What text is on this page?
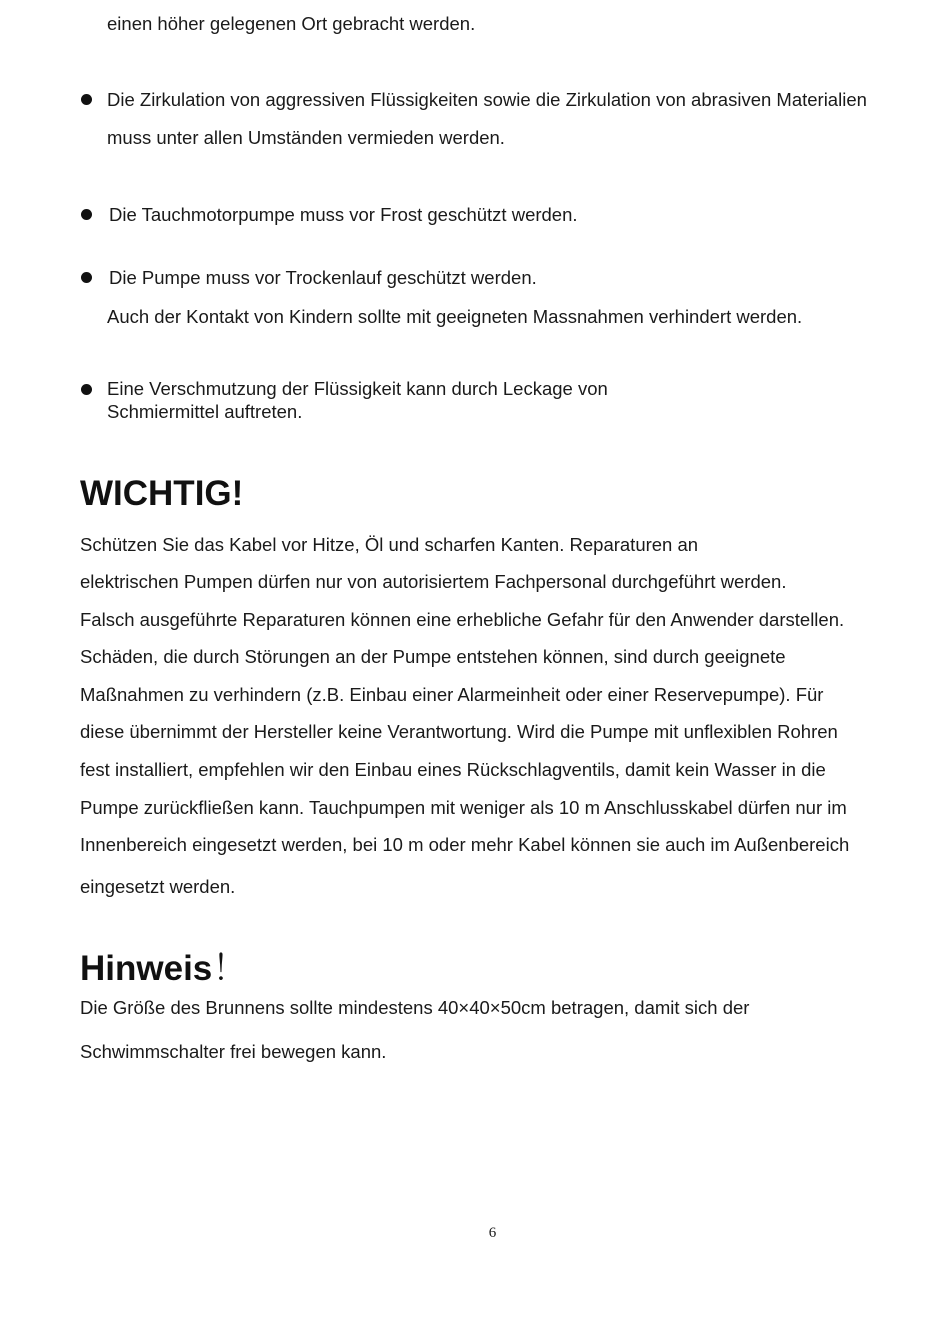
einen höher gelegenen Ort gebracht werden.
Die Zirkulation von aggressiven Flüssigkeiten sowie die Zirkulation von abrasiven Materialien
muss unter allen Umständen vermieden werden.
Die Tauchmotorpumpe muss vor Frost geschützt werden.
Die Pumpe muss vor Trockenlauf geschützt werden.
Auch der Kontakt von Kindern sollte mit geeigneten Massnahmen verhindert werden.
Eine Verschmutzung der Flüssigkeit kann durch Leckage von
Schmiermittel auftreten.
WICHTIG!
Schützen Sie das Kabel vor Hitze, Öl und scharfen Kanten. Reparaturen an
elektrischen Pumpen dürfen nur von autorisiertem Fachpersonal durchgeführt werden.
Falsch ausgeführte Reparaturen können eine erhebliche Gefahr für den Anwender darstellen.
Schäden, die durch Störungen an der Pumpe entstehen können, sind durch geeignete
Maßnahmen zu verhindern (z.B. Einbau einer Alarmeinheit oder einer Reservepumpe). Für
diese übernimmt der Hersteller keine Verantwortung. Wird die Pumpe mit unflexiblen Rohren
fest installiert, empfehlen wir den Einbau eines Rückschlagventils, damit kein Wasser in die
Pumpe zurückfließen kann. Tauchpumpen mit weniger als 10 m Anschlusskabel dürfen nur im
Innenbereich eingesetzt werden, bei 10 m oder mehr Kabel können sie auch im Außenbereich
eingesetzt werden.
Hinweis！
Die Größe des Brunnens sollte mindestens 40×40×50cm betragen, damit sich der
Schwimmschalter frei bewegen kann.
6
